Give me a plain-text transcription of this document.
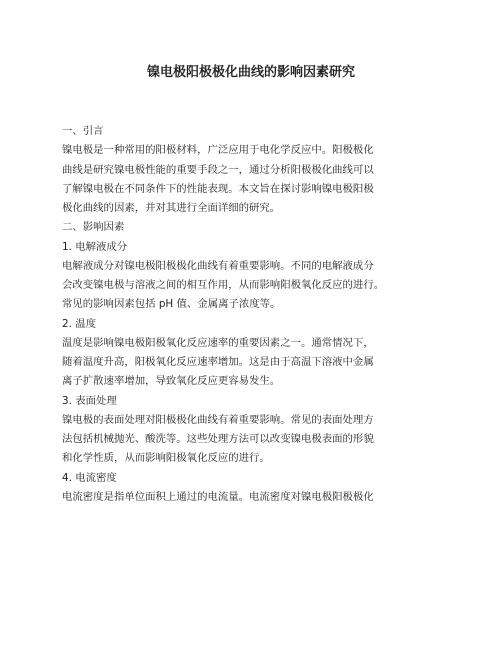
镍电极阳极极化曲线的影响因素研究
一、引言
镍电极是一种常用的阳极材料，广泛应用于电化学反应中。阳极极化
曲线是研究镍电极性能的重要手段之一，通过分析阳极极化曲线可以
了解镍电极在不同条件下的性能表现。本文旨在探讨影响镍电极阳极
极化曲线的因素，并对其进行全面详细的研究。
二、影响因素
1. 电解液成分
电解液成分对镍电极阳极极化曲线有着重要影响。不同的电解液成分
会改变镍电极与溶液之间的相互作用，从而影响阳极氧化反应的进行。
常见的影响因素包括 pH 值、金属离子浓度等。
2. 温度
温度是影响镍电极阳极氧化反应速率的重要因素之一。通常情况下，
随着温度升高，阳极氧化反应速率增加。这是由于高温下溶液中金属
离子扩散速率增加，导致氧化反应更容易发生。
3. 表面处理
镍电极的表面处理对阳极极化曲线有着重要影响。常见的表面处理方
法包括机械抛光、酸洗等。这些处理方法可以改变镍电极表面的形貌
和化学性质，从而影响阳极氧化反应的进行。
4. 电流密度
电流密度是指单位面积上通过的电流量。电流密度对镍电极阳极极化
